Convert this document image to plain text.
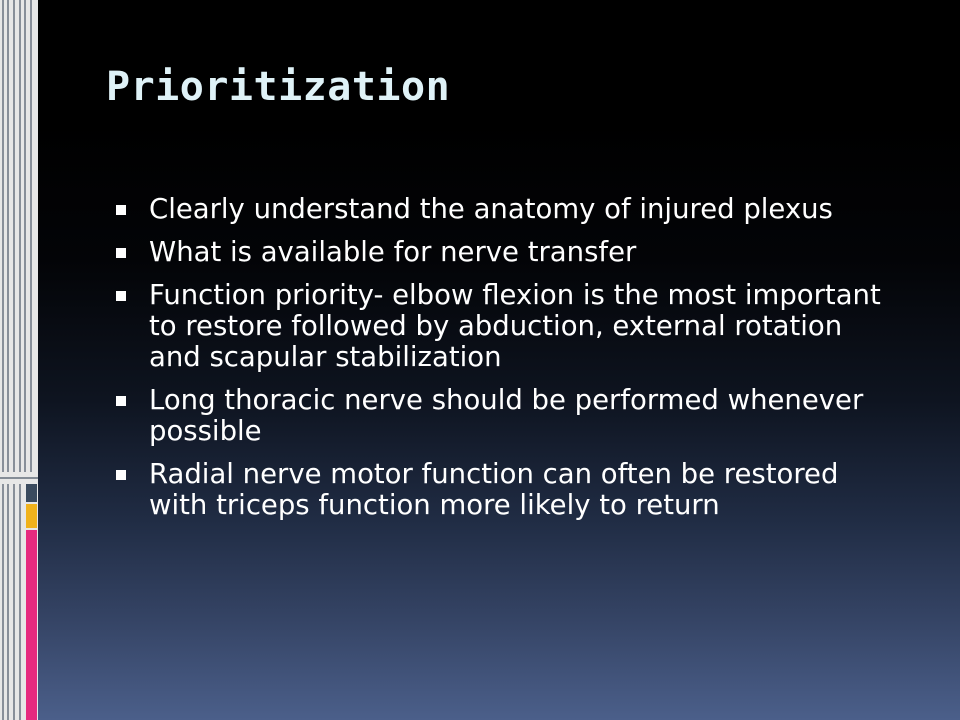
Prioritization
Clearly understand the anatomy of injured plexus
What is available for nerve transfer
Function priority- elbow flexion is the most important to restore followed by abduction, external rotation and scapular stabilization
Long thoracic nerve should be performed whenever possible
Radial nerve motor function can often be restored with triceps function more likely to return
